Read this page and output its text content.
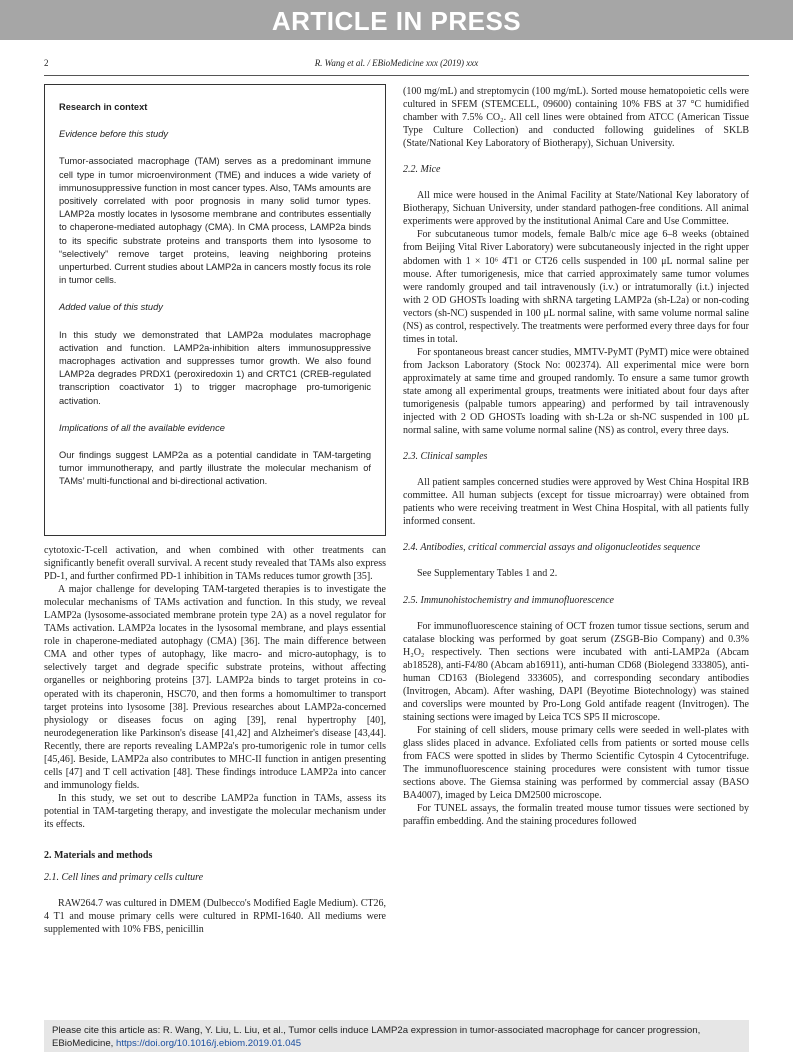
ARTICLE IN PRESS
2	R. Wang et al. / EBioMedicine xxx (2019) xxx
Research in context
Evidence before this study

Tumor-associated macrophage (TAM) serves as a predominant immune cell type in tumor microenvironment (TME) and induces a wide variety of immunosuppressive function in most cancer types. Also, TAMs amounts are positively correlated with poor prognosis in many solid tumor types. LAMP2a mostly locates in lysosome membrane and contributes essentially to chaperone-mediated autophagy (CMA). In CMA process, LAMP2a binds to its specific substrate proteins and transports them into lysosome to “selectively” remove target proteins, leaving neighboring proteins unperturbed. Current studies about LAMP2a in cancers mostly focus its role in tumor cells.

Added value of this study

In this study we demonstrated that LAMP2a modulates macrophage activation and function. LAMP2a-inhibition alters immunosuppressive macrophages activation and suppresses tumor growth. We also found LAMP2a degrades PRDX1 (peroxiredoxin 1) and CRTC1 (CREB-regulated transcription coactivator 1) to trigger macrophage pro-tumorigenic activation.

Implications of all the available evidence

Our findings suggest LAMP2a as a potential candidate in TAM-targeting tumor immunotherapy, and partly illustrate the molecular mechanism of TAMs’ multi-functional and bi-directional activation.

cytotoxic-T-cell activation, and when combined with other treatments can significantly benefit overall survival. A recent study revealed that TAMs also express PD-1, and further confirmed PD-1 inhibition in TAMs reduces tumor growth [35].

A major challenge for developing TAM-targeted therapies is to investigate the molecular mechanisms of TAMs activation and function. In this study, we reveal LAMP2a (lysosome-associated membrane protein type 2A) as a novel regulator for TAMs activation. LAMP2a locates in the lysosomal membrane, and plays essential role in chaperone-mediated autophagy (CMA) [36]. The main difference between CMA and other types of autophagy, like macro- and micro-autophagy, is to selectively target and degrade specific substrate proteins, without affecting organelles or neighboring proteins [37]. LAMP2a binds to target proteins in co-operated with its chaperonin, HSC70, and then forms a homomultimer to transport target proteins into lysosome [38]. Previous researches about LAMP2a-concerned physiology or diseases focus on aging [39], renal hypertrophy [40], neurodegeneration like Parkinson's disease [41,42] and Alzheimer's disease [43,44]. Recently, there are reports revealing LAMP2a's pro-tumorigenic role in tumor cells [45,46]. Beside, LAMP2a also contributes to MHC-II function in antigen presenting cells [47] and T cell activation [48]. These findings introduce LAMP2a into cancer and immunology fields.

In this study, we set out to describe LAMP2a function in TAMs, assess its potential in TAM-targeting therapy, and investigate the molecular mechanism under its effects.

2. Materials and methods
2.1. Cell lines and primary cells culture

RAW264.7 was cultured in DMEM (Dulbecco's Modified Eagle Medium). CT26, 4 T1 and mouse primary cells were cultured in RPMI-1640. All mediums were supplemented with 10% FBS, penicillin

(100 mg/mL) and streptomycin (100 mg/mL). Sorted mouse hematopoietic cells were cultured in SFEM (STEMCELL, 09600) containing 10% FBS at 37 °C humidified chamber with 7.5% CO₂. All cell lines were obtained from ATCC (American Tissue Type Culture Collection) and conducted following guidelines of SKLB (State/National Key Laboratory of Biotherapy), Sichuan University.

2.2. Mice

All mice were housed in the Animal Facility at State/National Key laboratory of Biotherapy, Sichuan University, under standard pathogen-free conditions. All animal experiments were approved by the institutional Animal Care and Use Committee.

For subcutaneous tumor models, female Balb/c mice age 6–8 weeks (obtained from Beijing Vital River Laboratory) were subcutaneously injected in the right upper abdomen with 1 × 10⁶ 4T1 or CT26 cells suspended in 100 μL normal saline per mouse. After tumorigenesis, mice that carried approximately same tumor volumes were randomly grouped and tail intravenously (i.v.) or intratumorally (i.t.) injected with 2 OD GHOSTs loading with shRNA targeting LAMP2a (sh-L2a) or non-coding vectors (sh-NC) suspended in 100 μL normal saline, with same volume normal saline (NS) as control, respectively. The treatments were performed every three days for four times in total.

For spontaneous breast cancer studies, MMTV-PyMT (PyMT) mice were obtained from Jackson Laboratory (Stock No: 002374). All experimental mice were born approximately at same time and grouped randomly. To ensure a same tumor growth state among all experimental groups, treatments were initiated about four days after tumorigenesis (palpable tumors appearing) and performed by tail intravenously injected with 2 OD GHOSTs loading with sh-L2a or sh-NC suspended in 100 μL normal saline, with same volume normal saline (NS) as control, every three days.

2.3. Clinical samples

All patient samples concerned studies were approved by West China Hospital IRB committee. All human subjects (except for tissue microarray) were obtained from patients who were receiving treatment in West China Hospital, with all patients fully informed consent.

2.4. Antibodies, critical commercial assays and oligonucleotides sequence

See Supplementary Tables 1 and 2.

2.5. Immunohistochemistry and immunofluorescence

For immunofluorescence staining of OCT frozen tumor tissue sections, serum and catalase blocking was performed by goat serum (ZSGB-Bio Company) and 0.3% H₂O₂ respectively. Then sections were incubated with anti-LAMP2a (Abcam ab18528), anti-F4/80 (Abcam ab16911), anti-human CD68 (Biolegend 333805), anti-human CD163 (Biolegend 333605), and corresponding secondary antibodies (Invitrogen, Abcam). After washing, DAPI (Beyotime Biotechnology) was stained and coverslips were mounted by Pro-Long Gold antifade reagent (Invitrogen). The staining sections were imaged by Leica TCS SP5 II microscope.

For staining of cell sliders, mouse primary cells were seeded in well-plates with glass slides placed in advance. Exfoliated cells from patients or sorted mouse cells from FACS were spotted in slides by Thermo Scientific Cytospin 4 Cytocentrifuge. The immunofluorescence staining procedures were consistent with tumor tissue sections above. The Giemsa staining was performed by commercial assay (BASO BA4007), imaged by Leica DM2500 microscope.

For TUNEL assays, the formalin treated mouse tumor tissues were sectioned by paraffin embedding. And the staining procedures followed

Please cite this article as: R. Wang, Y. Liu, L. Liu, et al., Tumor cells induce LAMP2a expression in tumor-associated macrophage for cancer progression, EBioMedicine, https://doi.org/10.1016/j.ebiom.2019.01.045
